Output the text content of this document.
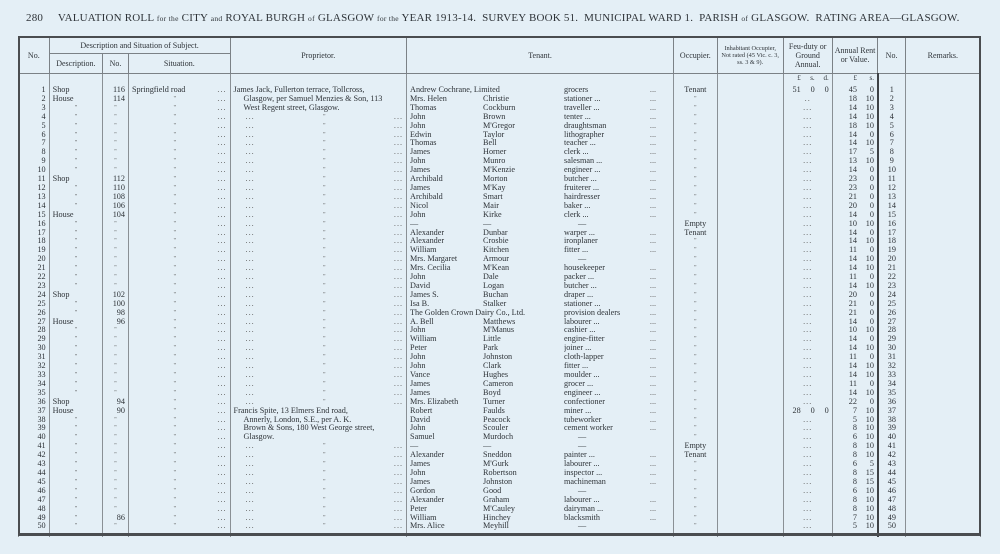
280 VALUATION ROLL for the CITY and ROYAL BURGH of GLASGOW for the YEAR 1913-14. SURVEY BOOK 51. MUNICIPAL WARD 1. PARISH of GLASGOW. RATING AREA—GLASGOW.
No.	Description and Situation of Subject.			Proprietor.	Tenant.	Occupier.	Inhabitant Occupier, Not rated (45 Vic. c. 3, ss. 3 & 9).	Feu-duty or Ground Annual.	Annual Rent or Value.	No.	Remarks.
	Description.	No.	Situation.								

								£ s. d.	£ s.		

1	Shop	116	Springfield road ...	James Jack, Fullerton terrace, Tollcross,	Andrew Cochrane, Limited grocers ...	Tenant		51 0 0	45 0	1	
2	House	114	" ...	Glasgow, per Samuel Menzies & Son, 113	Mrs. Helen Christie stationer ... ...	"		..	18 10	2	
3	"	"	" ...	West Regent street, Glasgow.	Thomas Cockburn traveller ... ...	"		...	14 10	3	
4	"	"	" ...	... " ...	John Brown tenter ... ...	"		...	14 10	4	
5	"	"	" ...	... " ...	John M'Gregor draughtsman ...	"		...	18 10	5	
6	"	"	" ...	... " ...	Edwin Taylor lithographer ...	"		...	14 0	6	
7	"	"	" ...	... " ...	Thomas Bell teacher ... ...	"		...	14 10	7	
8	"	"	" ...	... " ...	James Horner clerk ... ...	"		...	17 5	8	
9	"	"	" ...	... " ...	John Munro salesman ... ...	"		...	13 10	9	
10	"	"	" ...	... " ...	James M'Kenzie engineer ... ...	"		...	14 0	10	
11	Shop	112	" ...	... " ...	Archibald Morton butcher ... ...	"		...	23 0	11	
12	"	110	" ...	... " ...	James M'Kay fruiterer ... ...	"		...	23 0	12	
13	"	108	" ...	... " ...	Archibald Smart hairdresser ...	"		...	21 0	13	
14	"	106	" ...	... " ...	Nicol Mair baker ... ...	"		...	20 0	14	
15	House	104	" ...	... " ...	John Kirke clerk ... ...	"		...	14 0	15	
16	"	"	" ...	... " ...	— — —	Empty		...	10 10	16	
17	"	"	" ...	... " ...	Alexander Dunbar warper ... ...	Tenant		...	14 0	17	
18	"	"	" ...	... " ...	Alexander Crosbie ironplaner ...	"		...	14 10	18	
19	"	"	" ...	... " ...	William Kitchen fitter ... ...	"		...	11 0	19	
20	"	"	" ...	... " ...	Mrs. Margaret Armour —	"		...	14 10	20	
21	"	"	" ...	... " ...	Mrs. Cecilia M'Kean housekeeper ...	"		...	14 10	21	
22	"	"	" ...	... " ...	John Dale packer ... ...	"		...	11 0	22	
23	"	"	" ...	... " ...	David Logan butcher ... ...	"		...	14 10	23	
24	Shop	102	" ...	... " ...	James S. Buchan draper ... ...	"		...	20 0	24	
25	"	100	" ...	... " ...	Isa B. Stalker stationer ... ...	"		...	21 0	25	
26	"	98	" ...	... " ...	The Golden Crown Dairy Co., Ltd. provision dealers ...	"		...	21 0	26	
27	House	96	" ...	... " ...	A. Bell Matthews labourer ... ...	"		...	14 0	27	
28	"	"	" ...	... " ...	John M'Manus cashier ... ...	"		...	10 10	28	
29	"	"	" ...	... " ...	William Little engine-fitter ...	"		...	14 0	29	
30	"	"	" ...	... " ...	Peter Park joiner ... ...	"		...	14 10	30	
31	"	"	" ...	... " ...	John Johnston cloth-lapper ...	"		...	11 0	31	
32	"	"	" ...	... " ...	John Clark fitter ... ...	"		...	14 10	32	
33	"	"	" ...	... " ...	Vance Hughes moulder ... ...	"		...	14 10	33	
34	"	"	" ...	... " ...	James Cameron grocer ... ...	"		...	11 0	34	
35	"	"	" ...	... " ...	James Boyd engineer ... ...	"		...	14 10	35	
36	Shop	94	" ...	... " ...	Mrs. Elizabeth Turner confectioner ...	"		...	22 0	36	
37	House	90	" ...	Francis Spite, 13 Elmers End road,	Robert Faulds miner ... ...	"		28 0 0	7 10	37	
38	"	"	" ...	Annerly, London, S.E., per A. K.	David Peacock tubeworker ...	"		...	5 10	38	
39	"	"	" ...	Brown & Sons, 180 West George street,	John Scouler cement worker ...	"		...	8 10	39	
40	"	"	" ...	Glasgow.	Samuel Murdoch —	"		...	6 10	40	
41	"	"	" ...	... " ...	— — —	Empty		...	8 10	41	
42	"	"	" ...	... " ...	Alexander Sneddon painter ... ...	Tenant		...	8 10	42	
43	"	"	" ...	... " ...	James M'Gurk labourer ... ...	"		...	6 5	43	
44	"	"	" ...	... " ...	John Robertson inspector ... ...	"		...	8 15	44	
45	"	"	" ...	... " ...	James Johnston machineman ...	"		...	8 15	45	
46	"	"	" ...	... " ...	Gordon Good —	"		...	6 10	46	
47	"	"	" ...	... " ...	Alexander Graham labourer ... ...	"		...	8 10	47	
48	"	"	" ...	... " ...	Peter M'Cauley dairyman ... ...	"		...	8 10	48	
49	"	86	" ...	... " ...	William Hinchey blacksmith ...	"		...	7 10	49	
50	"	"	" ...	... " ...	Mrs. Alice Meyhill —	"		...	5 10	50	
